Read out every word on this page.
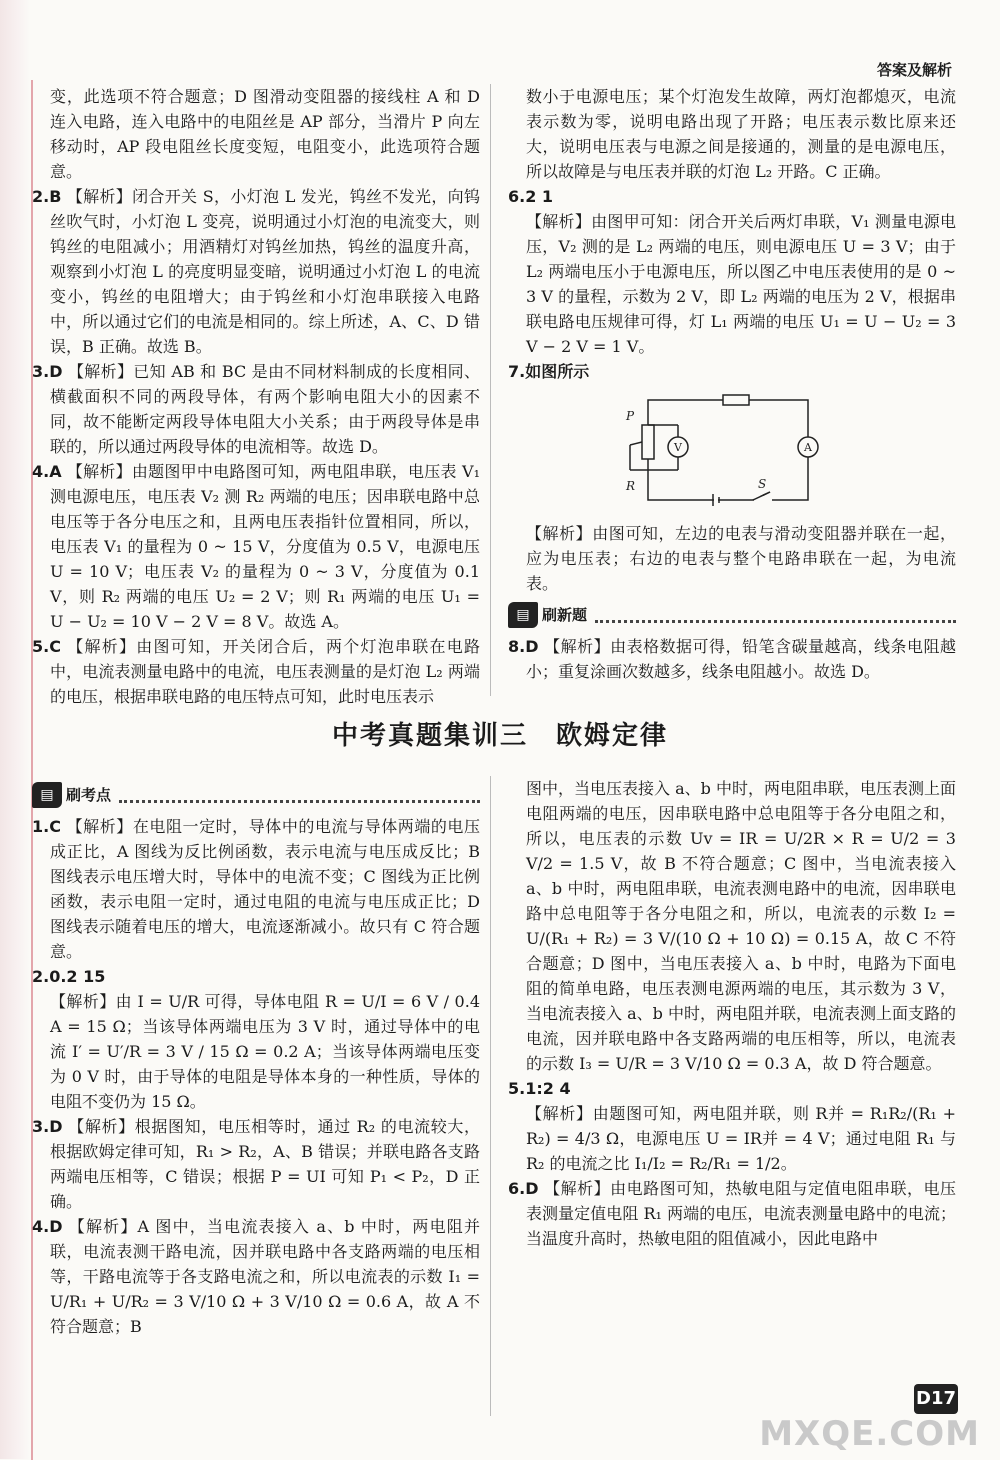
答案及解析

变，此选项不符合题意；D 图滑动变阻器的接线柱 A 和 D 连入电路，连入电路中的电阻丝是 AP 部分，当滑片 P 向左移动时，AP 段电阻丝长度变短，电阻变小，此选项符合题意。

2.B 【解析】闭合开关 S，小灯泡 L 发光，钨丝不发光，向钨丝吹气时，小灯泡 L 变亮，说明通过小灯泡的电流变大，则钨丝的电阻减小；用酒精灯对钨丝加热，钨丝的温度升高，观察到小灯泡 L 的亮度明显变暗，说明通过小灯泡 L 的电流变小，钨丝的电阻增大；由于钨丝和小灯泡串联接入电路中，所以通过它们的电流是相同的。综上所述，A、C、D 错误，B 正确。故选 B。

3.D 【解析】已知 AB 和 BC 是由不同材料制成的长度相同、横截面积不同的两段导体，有两个影响电阻大小的因素不同，故不能断定两段导体电阻大小关系；由于两段导体是串联的，所以通过两段导体的电流相等。故选 D。

4.A 【解析】由题图甲中电路图可知，两电阻串联，电压表 V₁ 测电源电压，电压表 V₂ 测 R₂ 两端的电压；因串联电路中总电压等于各分电压之和，且两电压表指针位置相同，所以，电压表 V₁ 的量程为 0 ~ 15 V，分度值为 0.5 V，电源电压 U = 10 V；电压表 V₂ 的量程为 0 ~ 3 V，分度值为 0.1 V，则 R₂ 两端的电压 U₂ = 2 V；则 R₁ 两端的电压 U₁ = U − U₂ = 10 V − 2 V = 8 V。故选 A。

5.C 【解析】由图可知，开关闭合后，两个灯泡串联在电路中，电流表测量电路中的电流，电压表测量的是灯泡 L₂ 两端的电压，根据串联电路的电压特点可知，此时电压表示

数小于电源电压；某个灯泡发生故障，两灯泡都熄灭，电流表示数为零，说明电路出现了开路；电压表示数比原来还大，说明电压表与电源之间是接通的，测量的是电源电压，所以故障是与电压表并联的灯泡 L₂ 开路。C 正确。

6.2 1

【解析】由图甲可知：闭合开关后两灯串联，V₁ 测量电源电压，V₂ 测的是 L₂ 两端的电压，则电源电压 U = 3 V；由于 L₂ 两端电压小于电源电压，所以图乙中电压表使用的是 0 ~ 3 V 的量程，示数为 2 V，即 L₂ 两端的电压为 2 V，根据串联电路电压规律可得，灯 L₁ 两端的电压 U₁ = U − U₂ = 3 V − 2 V = 1 V。

7.如图所示

P
R
V	A
S

【解析】由图可知，左边的电表与滑动变阻器并联在一起，应为电压表；右边的电表与整个电路串联在一起，为电流表。

▤ 刷新题

8.D 【解析】由表格数据可得，铅笔含碳量越高，线条电阻越小；重复涂画次数越多，线条电阻越小。故选 D。

中考真题集训三　欧姆定律
▤ 刷考点

1.C 【解析】在电阻一定时，导体中的电流与导体两端的电压成正比，A 图线为反比例函数，表示电流与电压成反比；B 图线表示电压增大时，导体中的电流不变；C 图线为正比例函数，表示电阻一定时，通过电阻的电流与电压成正比；D 图线表示随着电压的增大，电流逐渐减小。故只有 C 符合题意。

2.0.2 15

【解析】由 I = U/R 可得，导体电阻 R = U/I = 6 V / 0.4 A = 15 Ω；当该导体两端电压为 3 V 时，通过导体中的电流 I′ = U′/R = 3 V / 15 Ω = 0.2 A；当该导体两端电压变为 0 V 时，由于导体的电阻是导体本身的一种性质，导体的电阻不变仍为 15 Ω。

3.D 【解析】根据图知，电压相等时，通过 R₂ 的电流较大，根据欧姆定律可知，R₁ > R₂，A、B 错误；并联电路各支路两端电压相等，C 错误；根据 P = UI 可知 P₁ < P₂，D 正确。

4.D 【解析】A 图中，当电流表接入 a、b 中时，两电阻并联，电流表测干路电流，因并联电路中各支路两端的电压相等，干路电流等于各支路电流之和，所以电流表的示数 I₁ = U/R₁ + U/R₂ = 3 V/10 Ω + 3 V/10 Ω = 0.6 A，故 A 不符合题意；B

图中，当电压表接入 a、b 中时，两电阻串联，电压表测上面电阻两端的电压，因串联电路中总电阻等于各分电阻之和，所以，电压表的示数 Uv = IR = U/2R × R = U/2 = 3 V/2 = 1.5 V，故 B 不符合题意；C 图中，当电流表接入 a、b 中时，两电阻串联，电流表测电路中的电流，因串联电路中总电阻等于各分电阻之和，所以，电流表的示数 I₂ = U/(R₁ + R₂) = 3 V/(10 Ω + 10 Ω) = 0.15 A，故 C 不符合题意；D 图中，当电压表接入 a、b 中时，电路为下面电阻的简单电路，电压表测电源两端的电压，其示数为 3 V，当电流表接入 a、b 中时，两电阻并联，电流表测上面支路的电流，因并联电路中各支路两端的电压相等，所以，电流表的示数 I₃ = U/R = 3 V/10 Ω = 0.3 A，故 D 符合题意。

5.1:2 4

【解析】由题图可知，两电阻并联，则 R并 = R₁R₂/(R₁ + R₂) = 4/3 Ω，电源电压 U = IR并 = 4 V；通过电阻 R₁ 与 R₂ 的电流之比 I₁/I₂ = R₂/R₁ = 1/2。

6.D 【解析】由电路图可知，热敏电阻与定值电阻串联，电压表测量定值电阻 R₁ 两端的电压，电流表测量电路中的电流；当温度升高时，热敏电阻的阻值减小，因此电路中

D17
MXQE.COM
